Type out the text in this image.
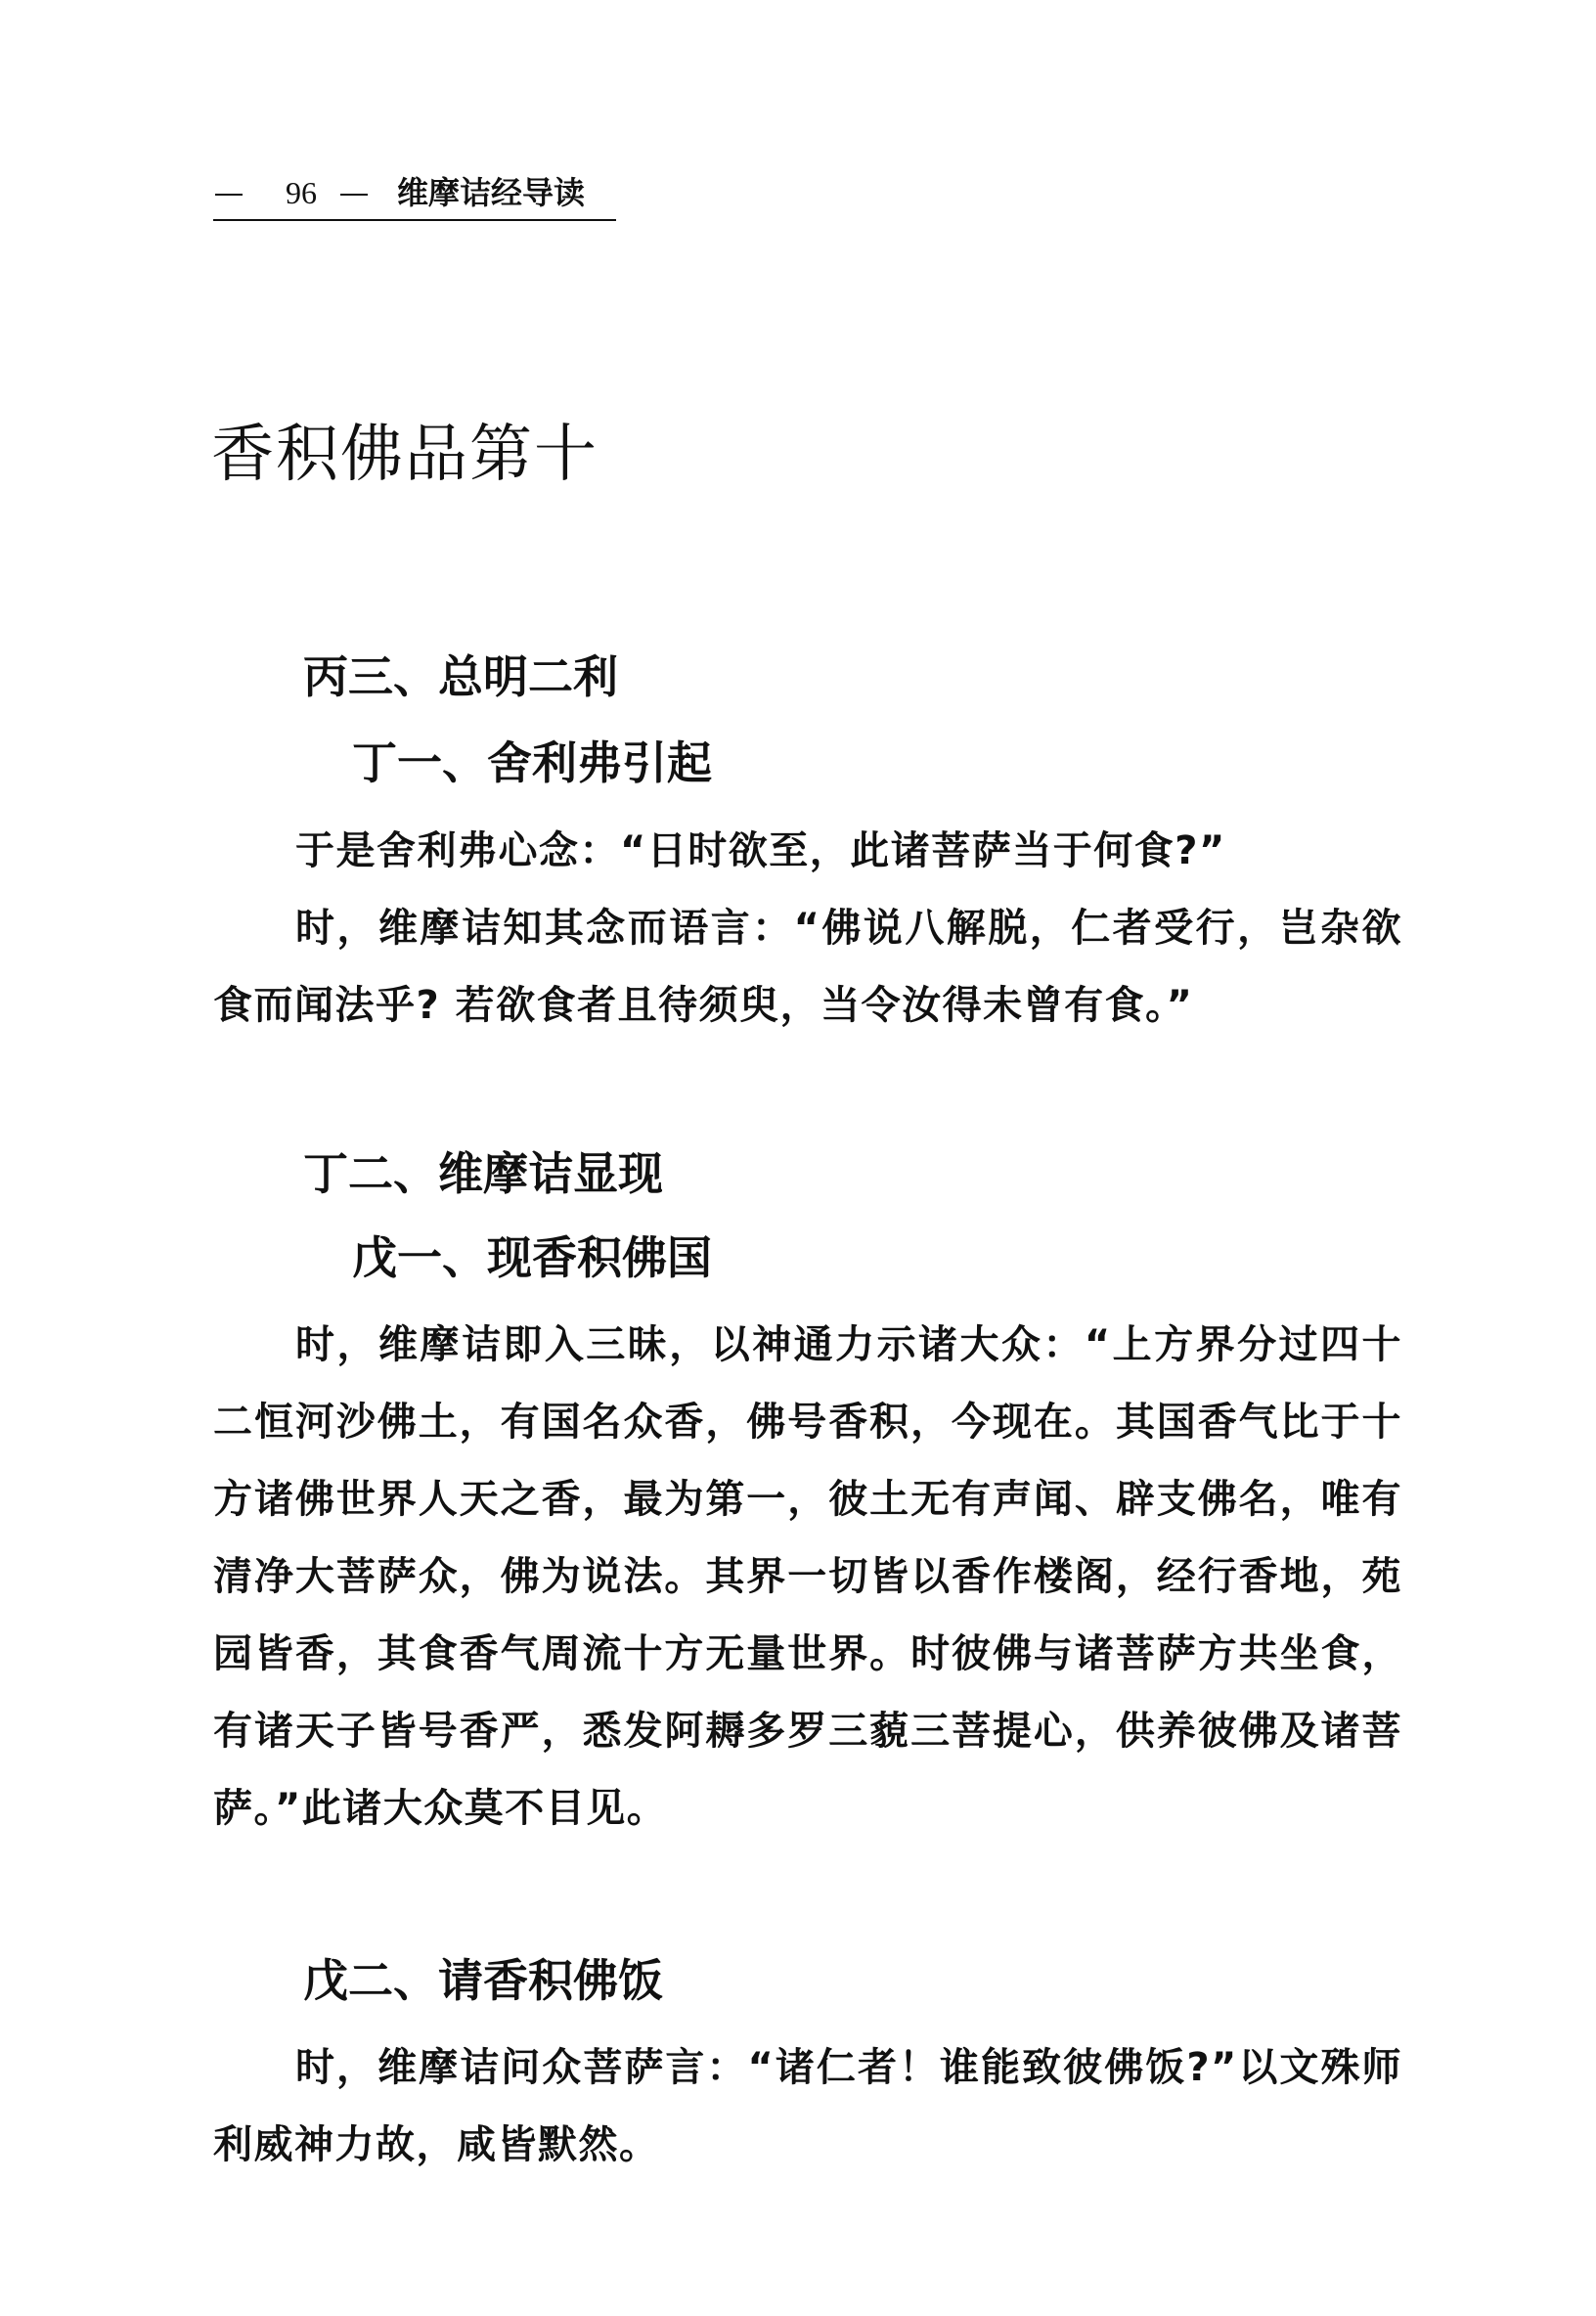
96	维摩诘经导读
香积佛品第十
丙三、总明二利
丁一、舍利弗引起

于是舍利弗心念：“日时欲至，此诸菩萨当于何食?”

时，维摩诘知其念而语言：“佛说八解脱，仁者受行，岂杂欲食而闻法乎? 若欲食者且待须臾，当令汝得未曾有食。”

丁二、维摩诘显现
戊一、现香积佛国

时，维摩诘即入三昧，以神通力示诸大众：“上方界分过四十二恒河沙佛土，有国名众香，佛号香积，今现在。其国香气比于十方诸佛世界人天之香，最为第一，彼土无有声闻、辟支佛名，唯有清净大菩萨众，佛为说法。其界一切皆以香作楼阁，经行香地，苑园皆香，其食香气周流十方无量世界。时彼佛与诸菩萨方共坐食，有诸天子皆号香严，悉发阿耨多罗三藐三菩提心，供养彼佛及诸菩萨。”此诸大众莫不目见。

戊二、请香积佛饭

时，维摩诘问众菩萨言：“诸仁者！谁能致彼佛饭?”以文殊师利威神力故，咸皆默然。
